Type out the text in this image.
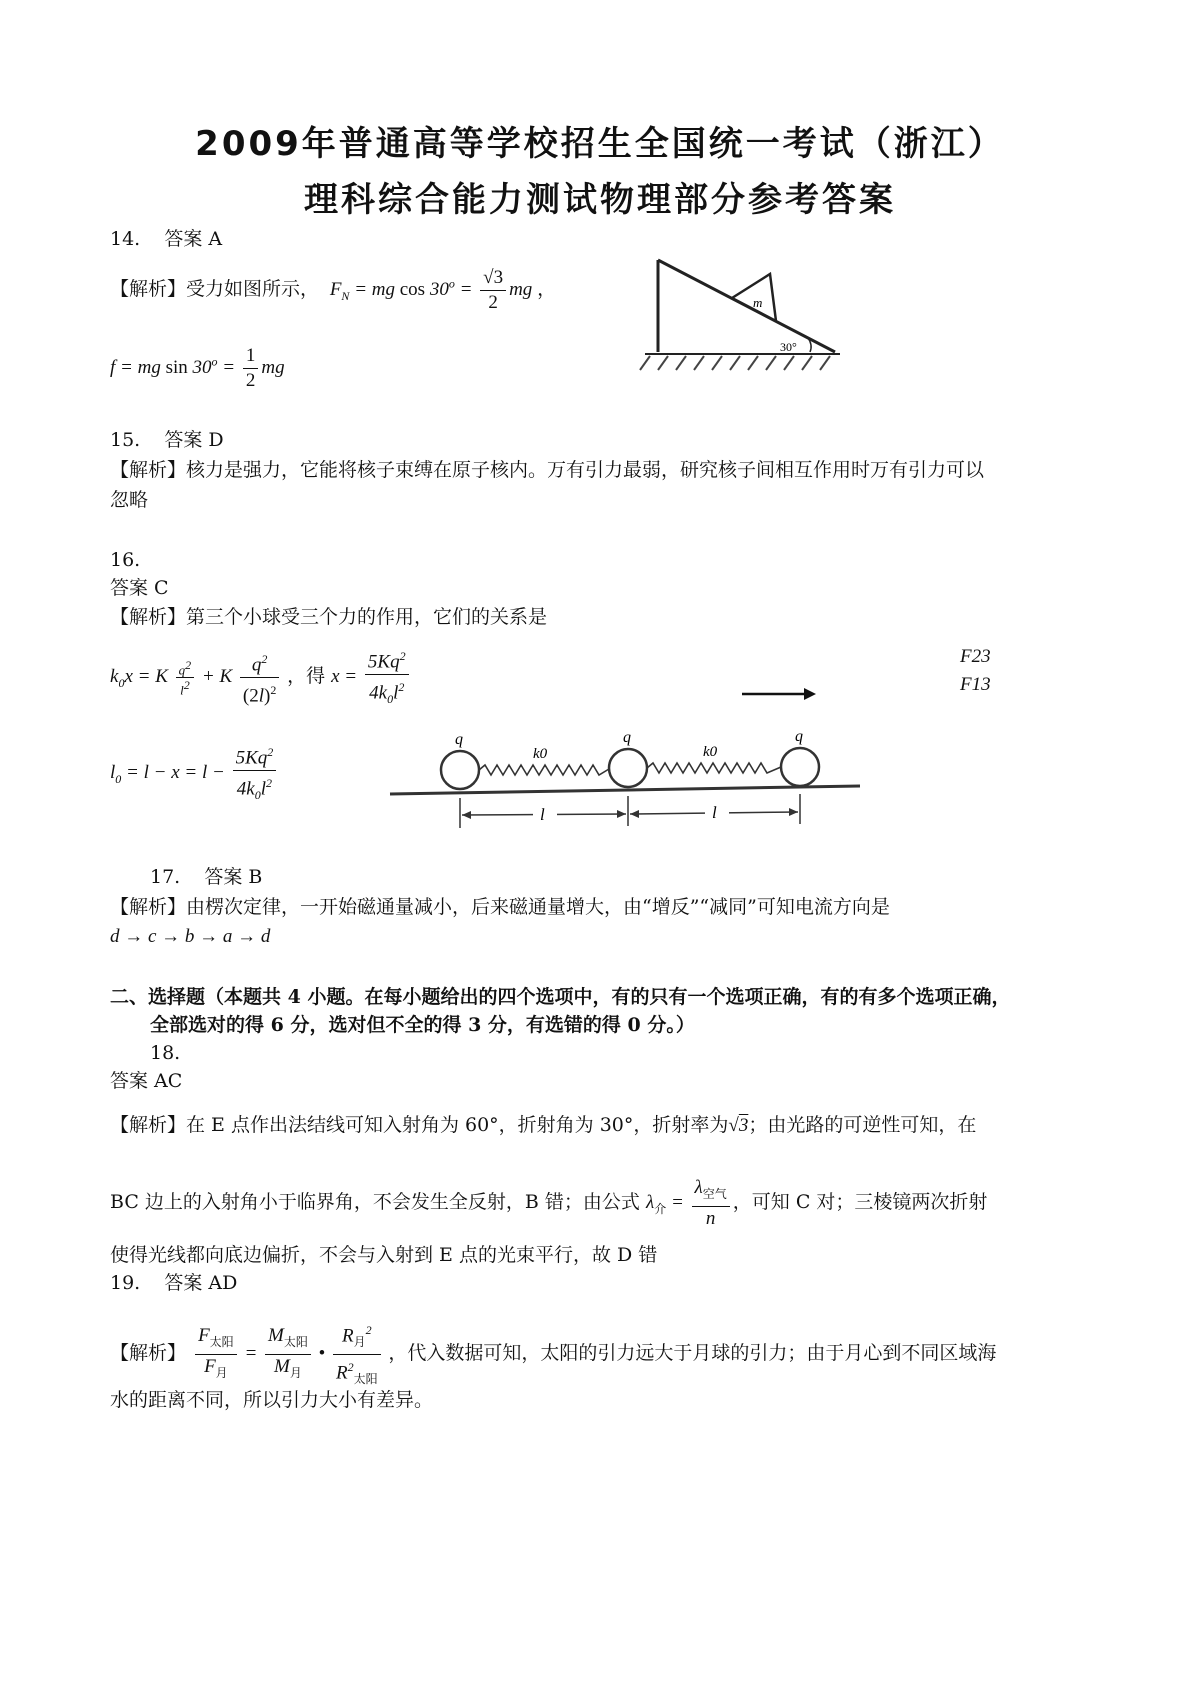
2009年普通高等学校招生全国统一考试（浙江）
理科综合能力测试物理部分参考答案
14. 答案 A
【解析】受力如图所示，  $F_N$ = mg $\cos 30^o = \frac{√3}{2}$ mg ，
f = mg $\sin 30^o = \frac{1}{2}$ mg
m
30°
15. 答案 D
【解析】核力是强力，它能将核子束缚在原子核内。万有引力最弱，研究核子间相互作用时万有引力可以
忽略
16.
答案 C
【解析】第三个小球受三个力的作用，它们的关系是
$k_0x = K \frac{q^2}{l^2} + K \frac{q^2}{(2l)^2}$ ，得 $x = \frac{5Kq^2}{4k_0l^2}$
$l_0 = l - x = l - \frac{5Kq^2}{4k_0l^2}$
F23
F13
q	q	q
k0	k0
l	l
17. 答案 B
【解析】由楞次定律，一开始磁通量减小，后来磁通量增大，由“增反”“减同”可知电流方向是
d → c → b → a → d
二、选择题（本题共 4 小题。在每小题给出的四个选项中，有的只有一个选项正确，有的有多个选项正确，
全部选对的得 6 分，选对但不全的得 3 分，有选错的得 0 分。）
18.
答案 AC
【解析】在 E 点作出法结线可知入射角为 60°，折射角为 30°，折射率为√3；由光路的可逆性可知，在
BC 边上的入射角小于临界角，不会发生全反射，B 错；由公式 $\lambda_介 = \frac{\lambda_{空气}}{n}$ ，可知 C 对；三棱镜两次折射
使得光线都向底边偏折，不会与入射到 E 点的光束平行，故 D 错
19. 答案 AD
【解析】 $\frac{F_{太阳}}{F_月} = \frac{M_{太阳}}{M_月}$ • $\frac{R_月^2}{R^2_{太阳}}$ ，代入数据可知，太阳的引力远大于月球的引力；由于月心到不同区域海
水的距离不同，所以引力大小有差异。
